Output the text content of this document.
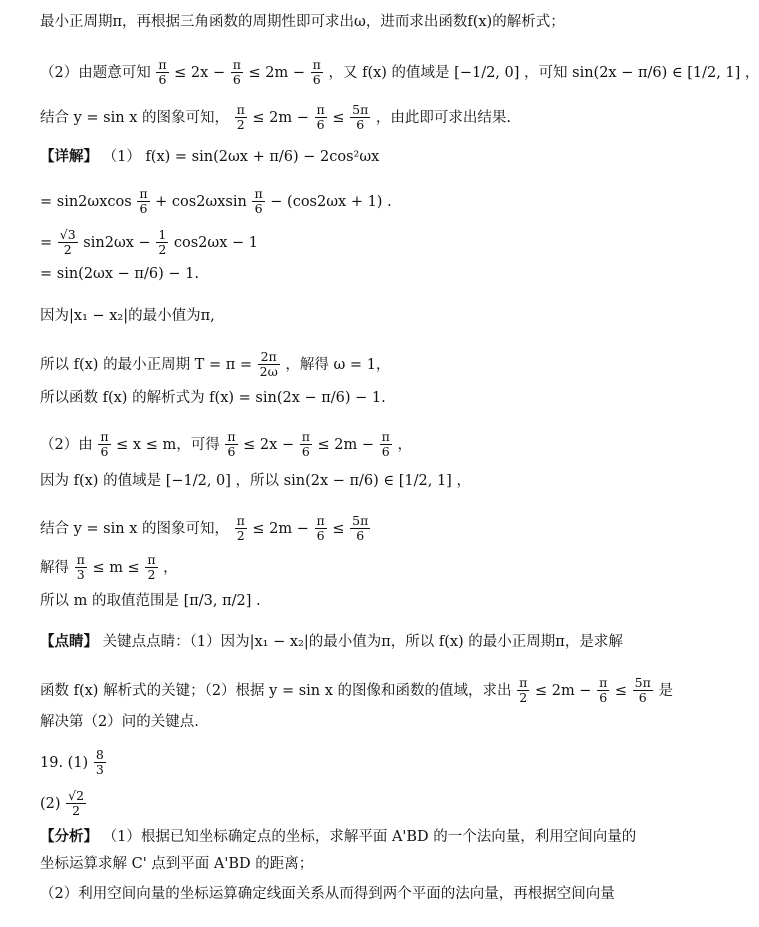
最小正周期π，再根据三角函数的周期性即可求出ω，进而求出函数f(x)的解析式；
（2）由题意可知 $\frac{\pi}{6} \le 2x - \frac{\pi}{6} \le 2m - \frac{\pi}{6}$ ，又 f(x) 的值域是 [−1/2, 0] ，可知 sin(2x − π/6) ∈ [1/2, 1] ，
结合 y = sin x 的图象可知， $\frac{\pi}{2} \le 2m - \frac{\pi}{6} \le \frac{5\pi}{6}$ ，由此即可求出结果.
【详解】 （1） f(x) = sin(2ωx + π/6) − 2cos²ωx
= $\sin 2\omega xcos \frac{\pi}{6} + \cos 2\omega xsin \frac{\pi}{6} - (\cos 2\omega x + 1)$ .
= $\frac{√3}{2} \sin 2\omega x - \frac{1}{2} \cos 2\omega x - 1$
= sin(2ωx − π/6) − 1.
因为|x₁ − x₂|的最小值为π,
所以 f(x) 的最小正周期 $T = \pi = \frac{2\pi}{2\omega}$ ，解得 ω = 1，
所以函数 f(x) 的解析式为 f(x) = sin(2x − π/6) − 1.
（2）由 $\frac{\pi}{6} \le x \le m$，可得 $\frac{\pi}{6} \le 2x - \frac{\pi}{6} \le 2m - \frac{\pi}{6}$ ，
因为 f(x) 的值域是 [−1/2, 0] ，所以 sin(2x − π/6) ∈ [1/2, 1] ，
结合 y = sin x 的图象可知， $\frac{\pi}{2} \le 2m - \frac{\pi}{6} \le \frac{5\pi}{6}$
解得 $\frac{\pi}{3} \le m \le \frac{\pi}{2}$ ，
所以 m 的取值范围是 [π/3, π/2] .
【点睛】 关键点点睛：（1）因为|x₁ − x₂|的最小值为π，所以 f(x) 的最小正周期π，是求解
函数 f(x) 解析式的关键；（2）根据 y = sin x 的图像和函数的值域，求出 $\frac{\pi}{2} \le 2m - \frac{\pi}{6} \le \frac{5\pi}{6}$ 是
解决第（2）问的关键点.
19. $(1) \frac{8}{3}$
$(2) \frac{√2}{2}$
【分析】 （1）根据已知坐标确定点的坐标，求解平面 A'BD 的一个法向量，利用空间向量的
坐标运算求解 C' 点到平面 A'BD 的距离；
（2）利用空间向量的坐标运算确定线面关系从而得到两个平面的法向量，再根据空间向量
